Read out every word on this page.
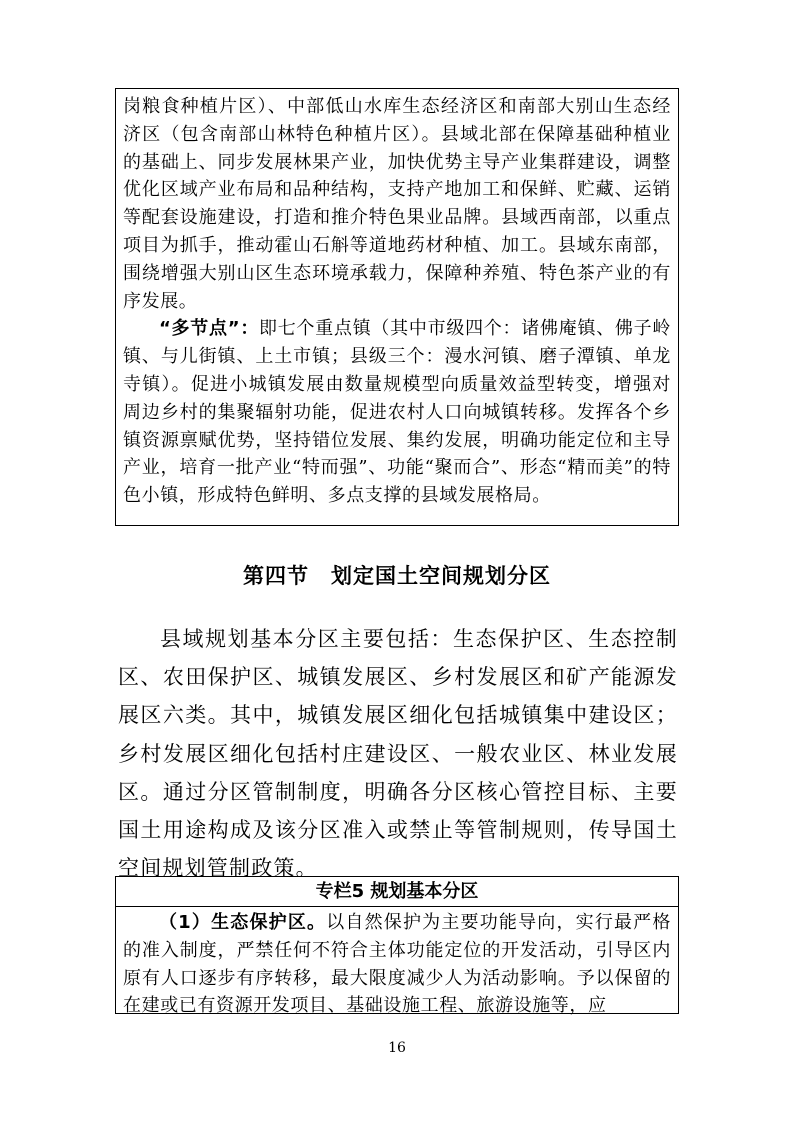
岗粮食种植片区）、中部低山水库生态经济区和南部大别山生态经济区（包含南部山林特色种植片区）。县域北部在保障基础种植业的基础上、同步发展林果产业，加快优势主导产业集群建设，调整优化区域产业布局和品种结构，支持产地加工和保鲜、贮藏、运销等配套设施建设，打造和推介特色果业品牌。县域西南部，以重点项目为抓手，推动霍山石斛等道地药材种植、加工。县域东南部，围绕增强大别山区生态环境承载力，保障种养殖、特色茶产业的有序发展。

“多节点”：即七个重点镇（其中市级四个：诸佛庵镇、佛子岭镇、与儿街镇、上土市镇；县级三个：漫水河镇、磨子潭镇、单龙寺镇）。促进小城镇发展由数量规模型向质量效益型转变，增强对周边乡村的集聚辐射功能，促进农村人口向城镇转移。发挥各个乡镇资源禀赋优势，坚持错位发展、集约发展，明确功能定位和主导产业，培育一批产业“特而强”、功能“聚而合”、形态“精而美”的特色小镇，形成特色鲜明、多点支撑的县域发展格局。

第四节　划定国土空间规划分区

县域规划基本分区主要包括：生态保护区、生态控制区、农田保护区、城镇发展区、乡村发展区和矿产能源发展区六类。其中，城镇发展区细化包括城镇集中建设区；乡村发展区细化包括村庄建设区、一般农业区、林业发展区。通过分区管制制度，明确各分区核心管控目标、主要国土用途构成及该分区准入或禁止等管制规则，传导国土空间规划管制政策。

专栏5 规划基本分区

（1）生态保护区。以自然保护为主要功能导向，实行最严格的准入制度，严禁任何不符合主体功能定位的开发活动，引导区内原有人口逐步有序转移，最大限度减少人为活动影响。予以保留的在建或已有资源开发项目、基础设施工程、旅游设施等，应

16
